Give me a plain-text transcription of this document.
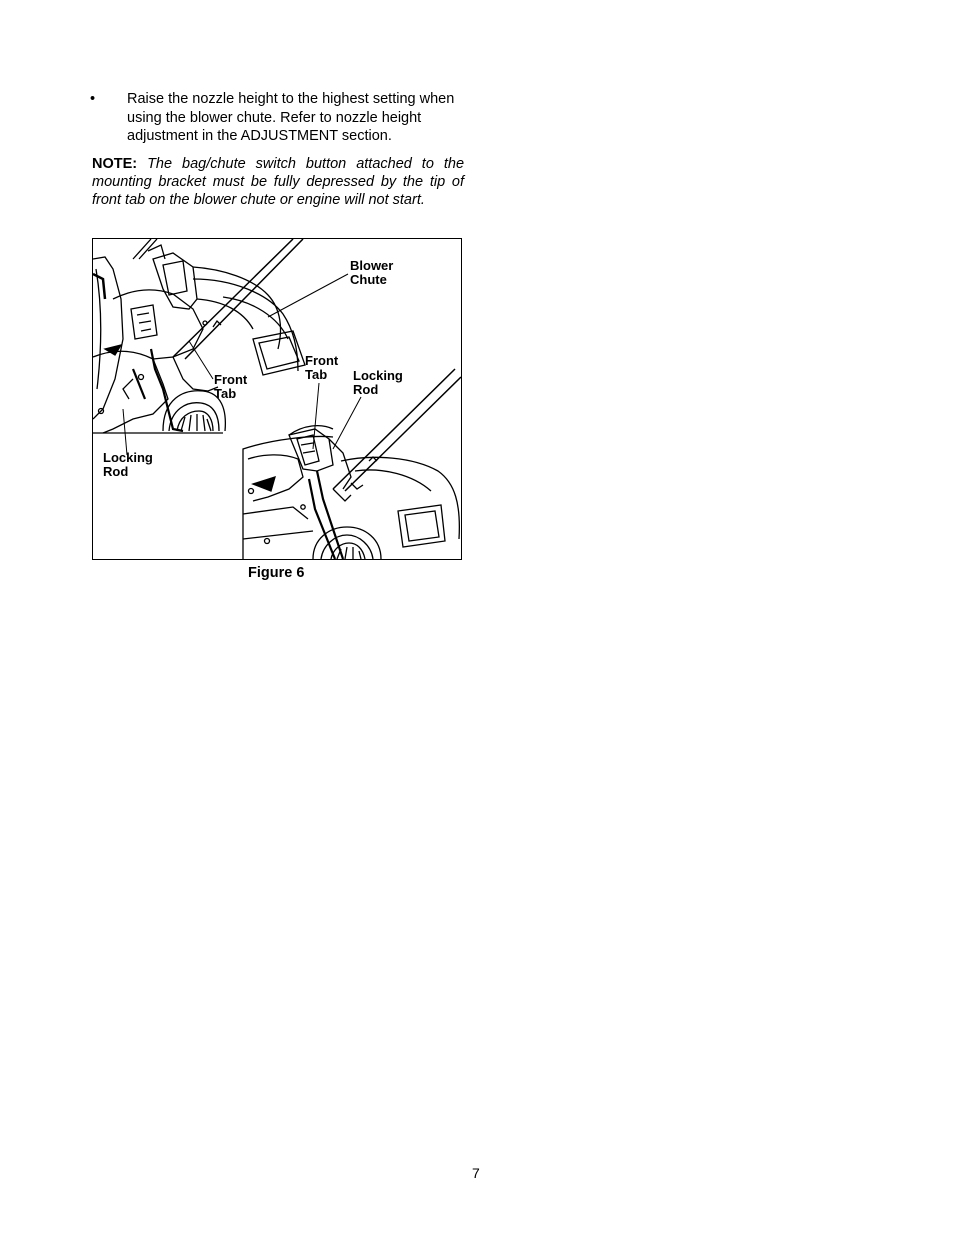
• Raise the nozzle height to the highest setting when using the blower chute. Refer to nozzle height adjustment in the ADJUSTMENT section.
NOTE: The bag/chute switch button attached to the mounting bracket must be fully depressed by the tip of front tab on the blower chute or engine will not start.
Blower
Chute
Front
Tab
Locking
Rod
Front
Tab	Locking
Rod
Figure 6
7
